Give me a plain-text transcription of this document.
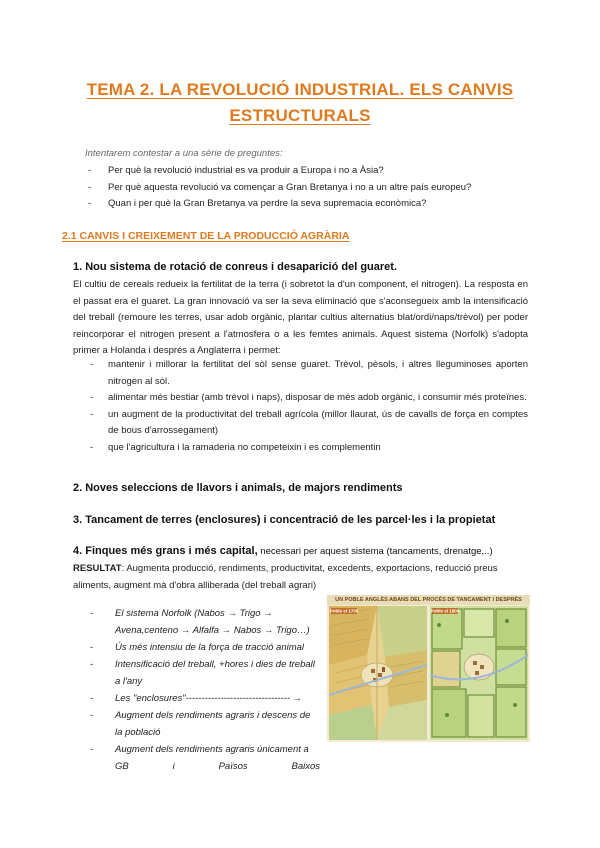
TEMA 2. LA REVOLUCIÓ INDUSTRIAL. ELS CANVIS
ESTRUCTURALS
Intentarem contestar a una sèrie de preguntes:
-	Per què la revolució industrial es va produir a Europa i no a Àsia?
-	Per què aquesta revolució va començar a Gran Bretanya i no a un altre país europeu?
-	Quan i per què la Gran Bretanya va perdre la seva supremacia econòmica?
2.1 CANVIS I CREIXEMENT DE LA PRODUCCIÓ AGRÀRIA
1. Nou sistema de rotació de conreus i desaparició del guaret.
El cultiu de cereals redueix la fertilitat de la terra (i sobretot la d'un component, el nitrogen). La resposta en el passat era el guaret. La gran innovació va ser la seva eliminació que s'aconsegueix amb la intensificació del treball (remoure les terres, usar adob orgànic, plantar cultius alternatius blat/ordi/naps/trèvol) per poder reincorporar el nitrogen present a l'atmosfera o a les femtes animals. Aquest sistema (Norfolk) s'adopta primer a Holanda i després a Anglaterra i permet:
-	mantenir i millorar la fertilitat del sòl sense guaret. Trèvol, pèsols, i altres lleguminoses aporten nitrogen al sòl.
-	alimentar més bestiar (amb trèvol i naps), disposar de més adob orgànic, i consumir més proteïnes.
-	un augment de la productivitat del treball agrícola (millor llaurat, ús de cavalls de força en comptes de bous d'arrossegament)
-	que l'agricultura i la ramaderia no competeixin i es complementin
2. Noves seleccions de llavors i animals, de majors rendiments
3. Tancament de terres (enclosures) i concentració de les parcel·les i la propietat
4. Finques més grans i més capital, necessari per aquest sistema (tancaments, drenatge,..)
RESULTAT: Augmenta producció, rendiments, productivitat, excedents, exportacions, reducció preus aliments, augment mà d'obra alliberada (del treball agrari)
-	El sistema Norfolk (Nabos → Trigo → Avena,centeno → Alfalfa → Nabos → Trigo…)
-	Ús més intensiu de la força de tracció animal
-	Intensificació del treball, +hores i dies de treball a l'any
-	Les "enclosures"--------------------------------- →
-	Augment dels rendiments agraris i descens de la població
-	Augment dels rendiments agraris únicament a
GB	i	Països	Baixos
Poble el 1700	Poble el 1800
UN POBLE ANGLÈS ABANS DEL PROCÉS DE TANCAMENT I DESPRÉS
